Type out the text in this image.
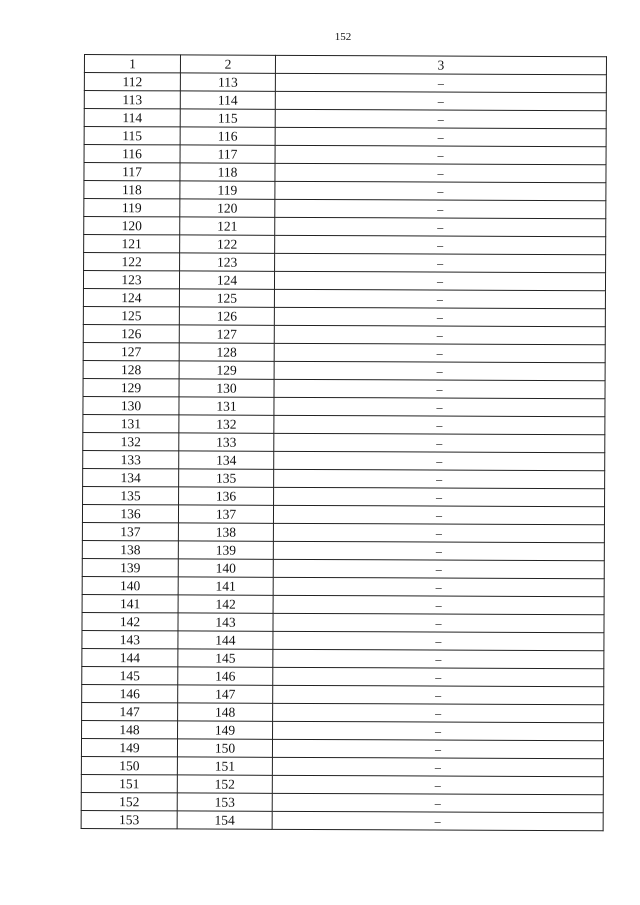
152
1	2	3
112	113	–
113	114	–
114	115	–
115	116	–
116	117	–
117	118	–
118	119	–
119	120	–
120	121	–
121	122	–
122	123	–
123	124	–
124	125	–
125	126	–
126	127	–
127	128	–
128	129	–
129	130	–
130	131	–
131	132	–
132	133	–
133	134	–
134	135	–
135	136	–
136	137	–
137	138	–
138	139	–
139	140	–
140	141	–
141	142	–
142	143	–
143	144	–
144	145	–
145	146	–
146	147	–
147	148	–
148	149	–
149	150	–
150	151	–
151	152	–
152	153	–
153	154	–
